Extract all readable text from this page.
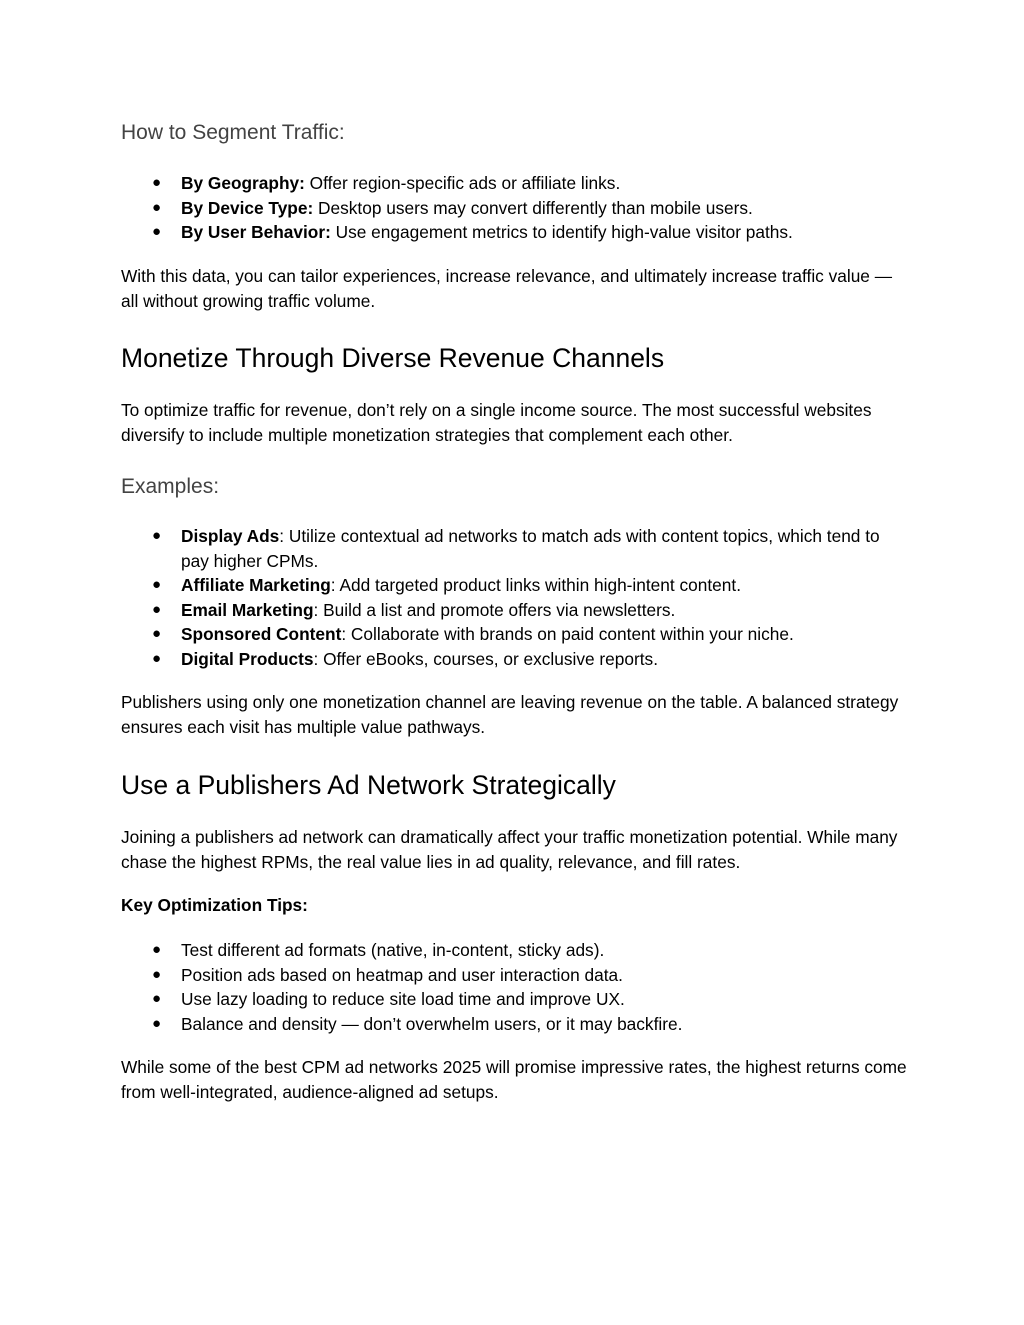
How to Segment Traffic:
● By Geography: Offer region-specific ads or affiliate links.
● By Device Type: Desktop users may convert differently than mobile users.
● By User Behavior: Use engagement metrics to identify high-value visitor paths.

With this data, you can tailor experiences, increase relevance, and ultimately increase traffic value — all without growing traffic volume.

Monetize Through Diverse Revenue Channels

To optimize traffic for revenue, don’t rely on a single income source. The most successful websites diversify to include multiple monetization strategies that complement each other.

Examples:
● Display Ads: Utilize contextual ad networks to match ads with content topics, which tend to pay higher CPMs.
● Affiliate Marketing: Add targeted product links within high-intent content.
● Email Marketing: Build a list and promote offers via newsletters.
● Sponsored Content: Collaborate with brands on paid content within your niche.
● Digital Products: Offer eBooks, courses, or exclusive reports.

Publishers using only one monetization channel are leaving revenue on the table. A balanced strategy ensures each visit has multiple value pathways.

Use a Publishers Ad Network Strategically

Joining a publishers ad network can dramatically affect your traffic monetization potential. While many chase the highest RPMs, the real value lies in ad quality, relevance, and fill rates.

Key Optimization Tips:

● Test different ad formats (native, in-content, sticky ads).
● Position ads based on heatmap and user interaction data.
● Use lazy loading to reduce site load time and improve UX.
● Balance and density — don’t overwhelm users, or it may backfire.

While some of the best CPM ad networks 2025 will promise impressive rates, the highest returns come from well-integrated, audience-aligned ad setups.
